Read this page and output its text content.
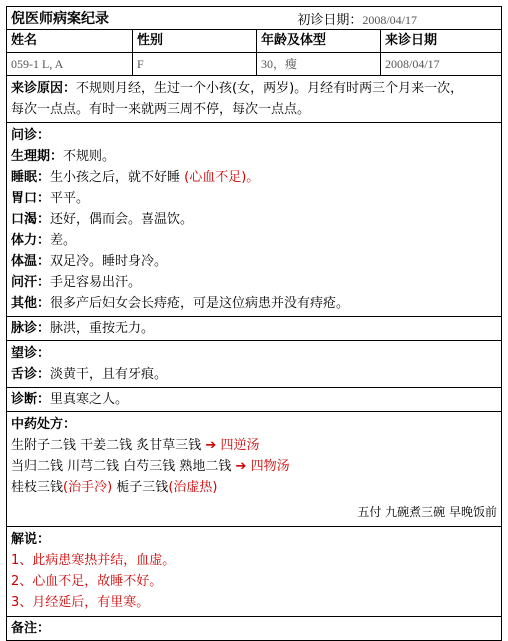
倪医师病案纪录	初诊日期：2008/04/17
姓名	性别	年龄及体型	来诊日期
059-1 L, A	F	30，瘦	2008/04/17
来诊原因：不规则月经，生过一个小孩(女，两岁)。月经有时两三个月来一次，
每次一点点。有时一来就两三周不停，每次一点点。
问诊：
生理期：不规则。
睡眠：生小孩之后，就不好睡 (心血不足)。
胃口：平平。
口渴：还好，偶而会。喜温饮。
体力：差。
体温：双足冷。睡时身冷。
问汗：手足容易出汗。
其他：很多产后妇女会长痔疮，可是这位病患并没有痔疮。
脉诊：脉洪，重按无力。
望诊：
舌诊：淡黄干，且有牙痕。
诊断：里真寒之人。
中药处方：
生附子二钱 干姜二钱 炙甘草三钱 ➔ 四逆汤
当归二钱 川芎二钱 白芍三钱 熟地二钱 ➔ 四物汤
桂枝三钱(治手冷) 栀子三钱(治虚热)
五付 九碗煮三碗 早晚饭前
解说：
1、此病患寒热并结，血虚。
2、心血不足，故睡不好。
3、月经延后，有里寒。
备注：
